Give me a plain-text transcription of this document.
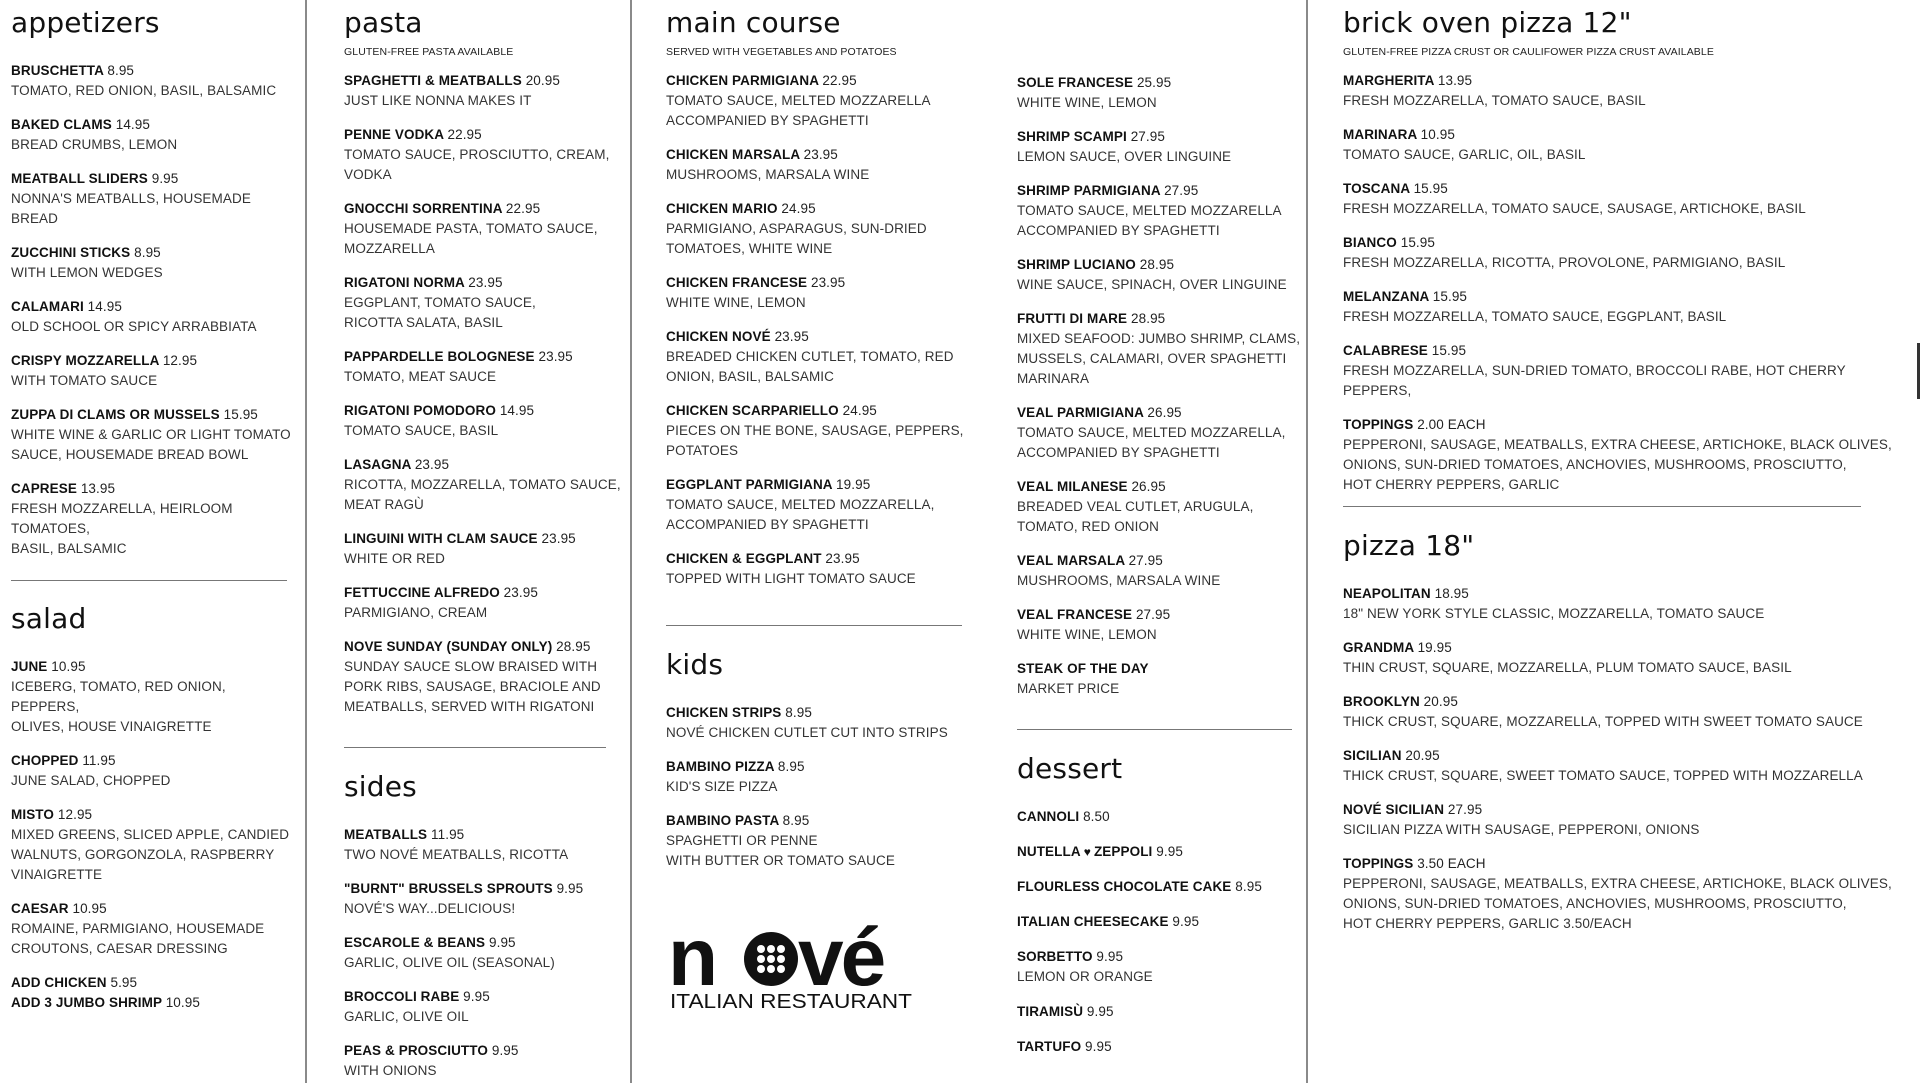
appetizers
BRUSCHETTA 8.95
TOMATO, RED ONION, BASIL, BALSAMIC
BAKED CLAMS 14.95
BREAD CRUMBS, LEMON
MEATBALL SLIDERS 9.95
NONNA'S MEATBALLS, HOUSEMADE BREAD
ZUCCHINI STICKS 8.95
WITH LEMON WEDGES
CALAMARI 14.95
OLD SCHOOL OR SPICY ARRABBIATA
CRISPY MOZZARELLA 12.95
WITH TOMATO SAUCE
ZUPPA DI CLAMS OR MUSSELS 15.95
WHITE WINE & GARLIC OR LIGHT TOMATO
SAUCE, HOUSEMADE BREAD BOWL
CAPRESE 13.95
FRESH MOZZARELLA, HEIRLOOM TOMATOES,
BASIL, BALSAMIC
salad
JUNE 10.95
ICEBERG, TOMATO, RED ONION, PEPPERS,
OLIVES, HOUSE VINAIGRETTE
CHOPPED 11.95
JUNE SALAD, CHOPPED
MISTO 12.95
MIXED GREENS, SLICED APPLE, CANDIED
WALNUTS, GORGONZOLA, RASPBERRY
VINAIGRETTE
CAESAR 10.95
ROMAINE, PARMIGIANO, HOUSEMADE
CROUTONS, CAESAR DRESSING
ADD CHICKEN 5.95
ADD 3 JUMBO SHRIMP 10.95
pasta
GLUTEN-FREE PASTA AVAILABLE
SPAGHETTI & MEATBALLS 20.95
JUST LIKE NONNA MAKES IT
PENNE VODKA 22.95
TOMATO SAUCE, PROSCIUTTO, CREAM,
VODKA
GNOCCHI SORRENTINA 22.95
HOUSEMADE PASTA, TOMATO SAUCE,
MOZZARELLA
RIGATONI NORMA 23.95
EGGPLANT, TOMATO SAUCE,
RICOTTA SALATA, BASIL
PAPPARDELLE BOLOGNESE 23.95
TOMATO, MEAT SAUCE
RIGATONI POMODORO 14.95
TOMATO SAUCE, BASIL
LASAGNA 23.95
RICOTTA, MOZZARELLA, TOMATO SAUCE,
MEAT RAGÙ
LINGUINI WITH CLAM SAUCE 23.95
WHITE OR RED
FETTUCCINE ALFREDO 23.95
PARMIGIANO, CREAM
NOVE SUNDAY (SUNDAY ONLY) 28.95
SUNDAY SAUCE SLOW BRAISED WITH
PORK RIBS, SAUSAGE, BRACIOLE AND
MEATBALLS, SERVED WITH RIGATONI
sides
MEATBALLS 11.95
TWO NOVÉ MEATBALLS, RICOTTA
"BURNT" BRUSSELS SPROUTS 9.95
NOVÉ'S WAY...DELICIOUS!
ESCAROLE & BEANS 9.95
GARLIC, OLIVE OIL (SEASONAL)
BROCCOLI RABE 9.95
GARLIC, OLIVE OIL
PEAS & PROSCIUTTO 9.95
WITH ONIONS
main course
SERVED WITH VEGETABLES AND POTATOES
CHICKEN PARMIGIANA 22.95
TOMATO SAUCE, MELTED MOZZARELLA
ACCOMPANIED BY SPAGHETTI
CHICKEN MARSALA 23.95
MUSHROOMS, MARSALA WINE
CHICKEN MARIO 24.95
PARMIGIANO, ASPARAGUS, SUN-DRIED
TOMATOES, WHITE WINE
CHICKEN FRANCESE 23.95
WHITE WINE, LEMON
CHICKEN NOVÉ 23.95
BREADED CHICKEN CUTLET, TOMATO, RED
ONION, BASIL, BALSAMIC
CHICKEN SCARPARIELLO 24.95
PIECES ON THE BONE, SAUSAGE, PEPPERS,
POTATOES
EGGPLANT PARMIGIANA 19.95
TOMATO SAUCE, MELTED MOZZARELLA,
ACCOMPANIED BY SPAGHETTI
CHICKEN & EGGPLANT 23.95
TOPPED WITH LIGHT TOMATO SAUCE
kids
CHICKEN STRIPS 8.95
NOVÉ CHICKEN CUTLET CUT INTO STRIPS
BAMBINO PIZZA 8.95
KID'S SIZE PIZZA
BAMBINO PASTA 8.95
SPAGHETTI OR PENNE
WITH BUTTER OR TOMATO SAUCE
SOLE FRANCESE 25.95
WHITE WINE, LEMON
SHRIMP SCAMPI 27.95
LEMON SAUCE, OVER LINGUINE
SHRIMP PARMIGIANA 27.95
TOMATO SAUCE, MELTED MOZZARELLA
ACCOMPANIED BY SPAGHETTI
SHRIMP LUCIANO 28.95
WINE SAUCE, SPINACH, OVER LINGUINE
FRUTTI DI MARE 28.95
MIXED SEAFOOD: JUMBO SHRIMP, CLAMS,
MUSSELS, CALAMARI, OVER SPAGHETTI
MARINARA
VEAL PARMIGIANA 26.95
TOMATO SAUCE, MELTED MOZZARELLA,
ACCOMPANIED BY SPAGHETTI
VEAL MILANESE 26.95
BREADED VEAL CUTLET, ARUGULA,
TOMATO, RED ONION
VEAL MARSALA 27.95
MUSHROOMS, MARSALA WINE
VEAL FRANCESE 27.95
WHITE WINE, LEMON
STEAK OF THE DAY
MARKET PRICE
dessert
CANNOLI 8.50
NUTELLA ♥ ZEPPOLI 9.95
FLOURLESS CHOCOLATE CAKE 8.95
ITALIAN CHEESECAKE 9.95
SORBETTO 9.95
LEMON OR ORANGE
TIRAMISÙ 9.95
TARTUFO 9.95
n vé
ITALIAN RESTAURANT
brick oven pizza 12"
GLUTEN-FREE PIZZA CRUST OR CAULIFOWER PIZZA CRUST AVAILABLE
MARGHERITA 13.95
FRESH MOZZARELLA, TOMATO SAUCE, BASIL
MARINARA 10.95
TOMATO SAUCE, GARLIC, OIL, BASIL
TOSCANA 15.95
FRESH MOZZARELLA, TOMATO SAUCE, SAUSAGE, ARTICHOKE, BASIL
BIANCO 15.95
FRESH MOZZARELLA, RICOTTA, PROVOLONE, PARMIGIANO, BASIL
MELANZANA 15.95
FRESH MOZZARELLA, TOMATO SAUCE, EGGPLANT, BASIL
CALABRESE 15.95
FRESH MOZZARELLA, SUN-DRIED TOMATO, BROCCOLI RABE, HOT CHERRY PEPPERS,
TOPPINGS 2.00 EACH
PEPPERONI, SAUSAGE, MEATBALLS, EXTRA CHEESE, ARTICHOKE, BLACK OLIVES,
ONIONS, SUN-DRIED TOMATOES, ANCHOVIES, MUSHROOMS, PROSCIUTTO,
HOT CHERRY PEPPERS, GARLIC
pizza 18"
NEAPOLITAN 18.95
18" NEW YORK STYLE CLASSIC, MOZZARELLA, TOMATO SAUCE
GRANDMA 19.95
THIN CRUST, SQUARE, MOZZARELLA, PLUM TOMATO SAUCE, BASIL
BROOKLYN 20.95
THICK CRUST, SQUARE, MOZZARELLA, TOPPED WITH SWEET TOMATO SAUCE
SICILIAN 20.95
THICK CRUST, SQUARE, SWEET TOMATO SAUCE, TOPPED WITH MOZZARELLA
NOVÉ SICILIAN 27.95
SICILIAN PIZZA WITH SAUSAGE, PEPPERONI, ONIONS
TOPPINGS 3.50 EACH
PEPPERONI, SAUSAGE, MEATBALLS, EXTRA CHEESE, ARTICHOKE, BLACK OLIVES,
ONIONS, SUN-DRIED TOMATOES, ANCHOVIES, MUSHROOMS, PROSCIUTTO,
HOT CHERRY PEPPERS, GARLIC 3.50/EACH
